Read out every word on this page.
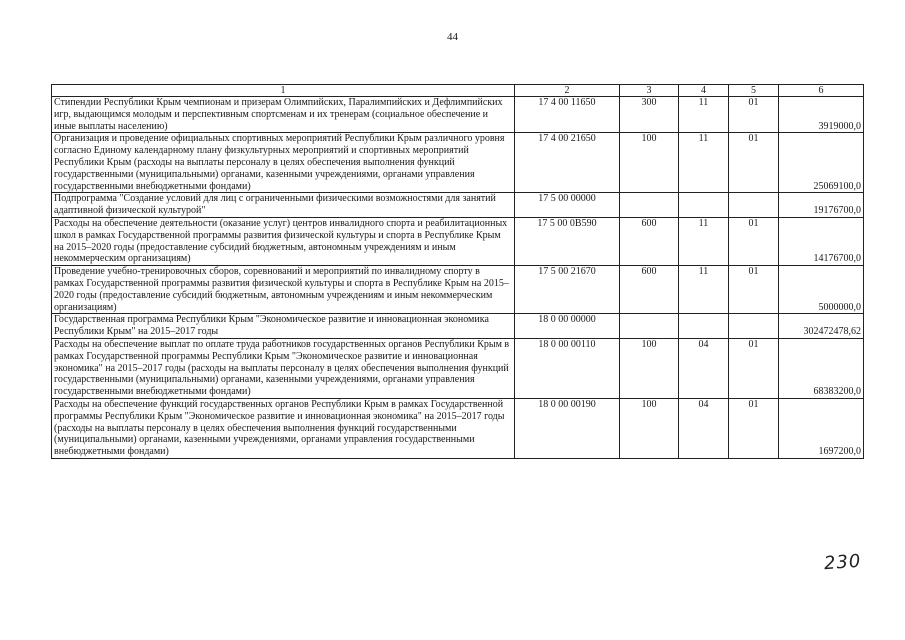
44
1	2	3	4	5	6
Стипендии Республики Крым чемпионам и призерам Олимпийских, Паралимпийских и Дефлимпийских игр, выдающимся молодым и перспективным спортсменам и их тренерам (социальное обеспечение и иные выплаты населению)	17 4 00 11650	300	11	01	3919000,0
Организация и проведение официальных спортивных мероприятий Республики Крым различного уровня согласно Единому календарному плану физкультурных мероприятий и спортивных мероприятий Республики Крым (расходы на выплаты персоналу в целях обеспечения выполнения функций государственными (муниципальными) органами, казенными учреждениями, органами управления государственными внебюджетными фондами)	17 4 00 21650	100	11	01	25069100,0
Подпрограмма "Создание условий для лиц с ограниченными физическими возможностями для занятий адаптивной физической культурой"	17 5 00 00000				19176700,0
Расходы на обеспечение деятельности (оказание услуг) центров инвалидного спорта и реабилитационных школ в рамках Государственной программы развития физической культуры и спорта в Республике Крым на 2015–2020 годы (предоставление субсидий бюджетным, автономным учреждениям и иным некоммерческим организациям)	17 5 00 0В590	600	11	01	14176700,0
Проведение учебно-тренировочных сборов, соревнований и мероприятий по инвалидному спорту в рамках Государственной программы развития физической культуры и спорта в Республике Крым на 2015–2020 годы (предоставление субсидий бюджетным, автономным учреждениям и иным некоммерческим организациям)	17 5 00 21670	600	11	01	5000000,0
Государственная программа Республики Крым "Экономическое развитие и инновационная экономика Республики Крым" на 2015–2017 годы	18 0 00 00000				302472478,62
Расходы на обеспечение выплат по оплате труда работников государственных органов Республики Крым в рамках Государственной программы Республики Крым "Экономическое развитие и инновационная экономика" на 2015–2017 годы (расходы на выплаты персоналу в целях обеспечения выполнения функций государственными (муниципальными) органами, казенными учреждениями, органами управления государственными внебюджетными фондами)	18 0 00 00110	100	04	01	68383200,0
Расходы на обеспечение функций государственных органов Республики Крым в рамках Государственной программы Республики Крым "Экономическое развитие и инновационная экономика" на 2015–2017 годы (расходы на выплаты персоналу в целях обеспечения выполнения функций государственными (муниципальными) органами, казенными учреждениями, органами управления государственными внебюджетными фондами)	18 0 00 00190	100	04	01	1697200,0
230
